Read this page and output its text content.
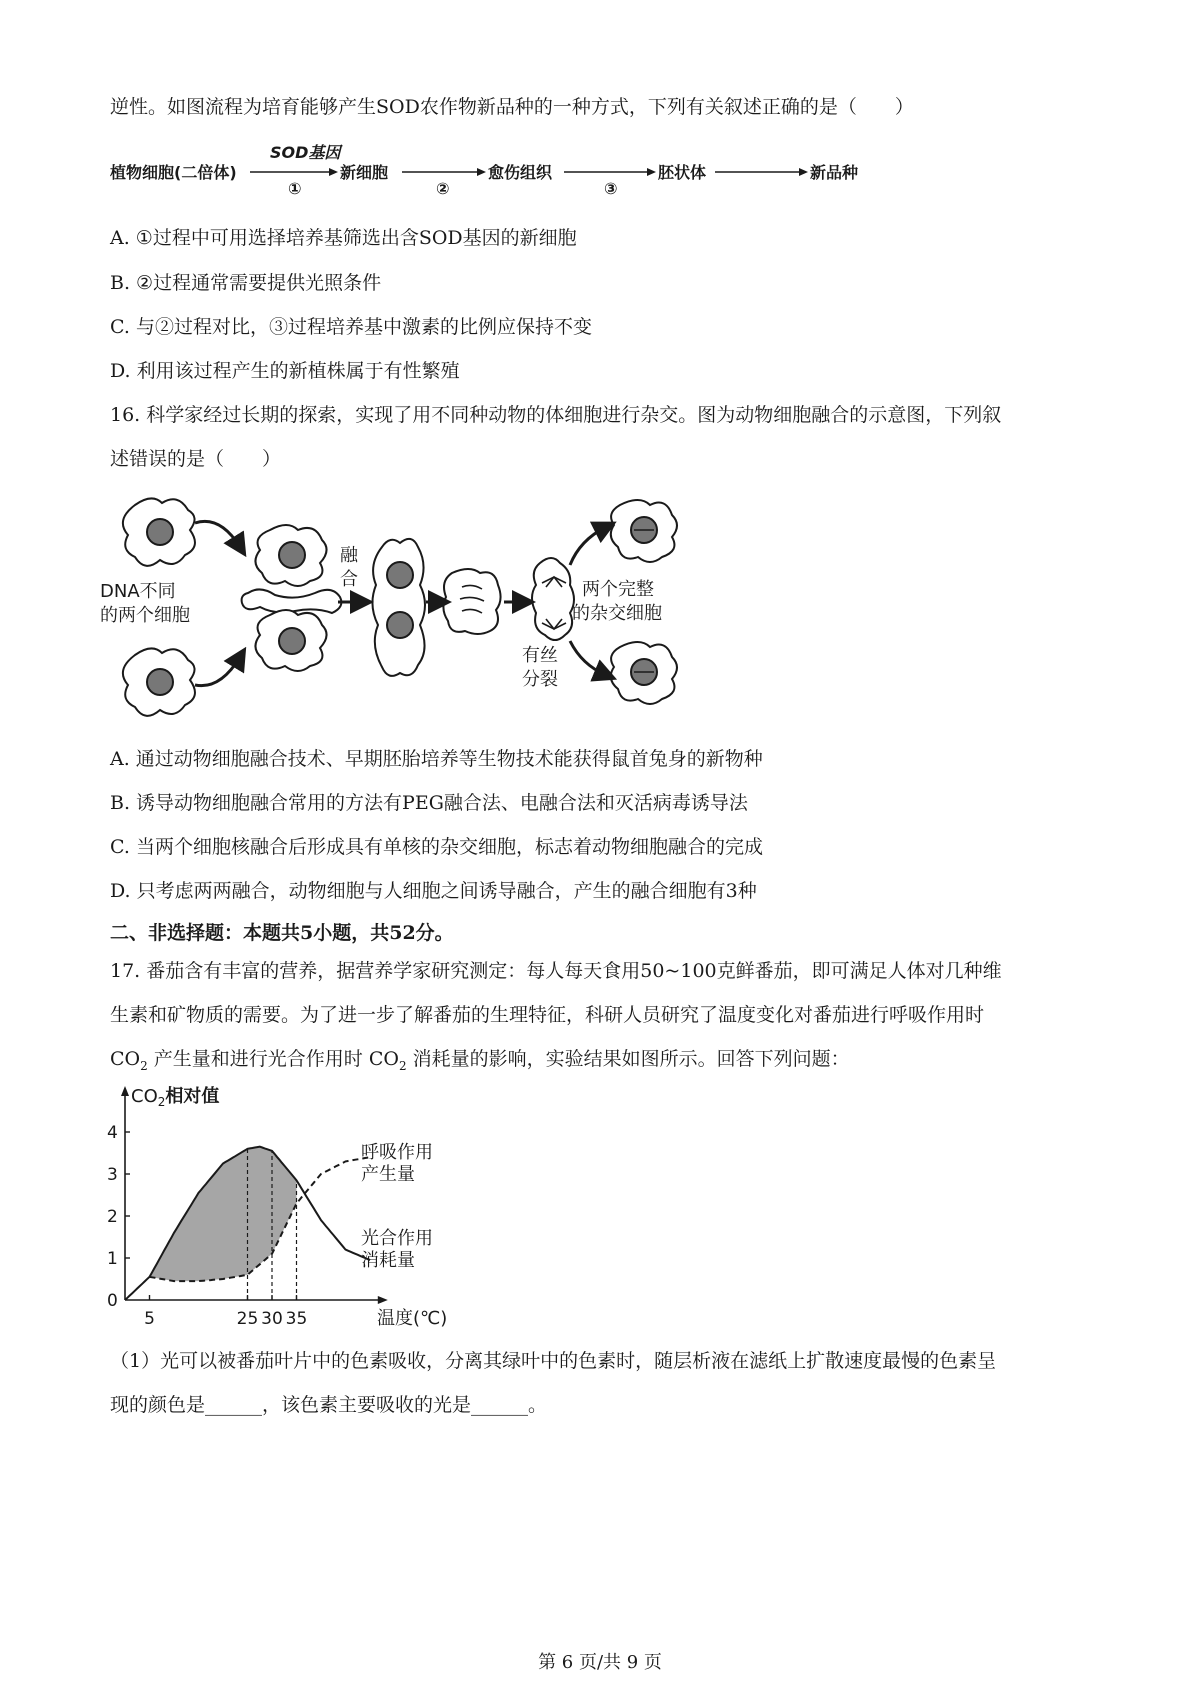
逆性。如图流程为培育能够产生SOD农作物新品种的一种方式，下列有关叙述正确的是（　　）
植物细胞(二倍体)
SOD基因
①
新细胞
②
愈伤组织
③
胚状体	新品种
A. ①过程中可用选择培养基筛选出含SOD基因的新细胞
B. ②过程通常需要提供光照条件
C. 与②过程对比，③过程培养基中激素的比例应保持不变
D. 利用该过程产生的新植株属于有性繁殖
16. 科学家经过长期的探索，实现了用不同种动物的体细胞进行杂交。图为动物细胞融合的示意图，下列叙
述错误的是（　　）
DNA不同
的两个细胞
融
合
有丝
分裂
两个完整
的杂交细胞
A. 通过动物细胞融合技术、早期胚胎培养等生物技术能获得鼠首兔身的新物种
B. 诱导动物细胞融合常用的方法有PEG融合法、电融合法和灭活病毒诱导法
C. 当两个细胞核融合后形成具有单核的杂交细胞，标志着动物细胞融合的完成
D. 只考虑两两融合，动物细胞与人细胞之间诱导融合，产生的融合细胞有3种
二、非选择题：本题共5小题，共52分。
17. 番茄含有丰富的营养，据营养学家研究测定：每人每天食用50~100克鲜番茄，即可满足人体对几种维
生素和矿物质的需要。为了进一步了解番茄的生理特征，科研人员研究了温度变化对番茄进行呼吸作用时
$CO_2$ 产生量和进行光合作用时 $CO_2$ 消耗量的影响，实验结果如图所示。回答下列问题：
0
1
2
3
4
5	25 30 35
$CO_2$相对值
温度(℃)
呼吸作用
产生量
光合作用
消耗量
（1）光可以被番茄叶片中的色素吸收，分离其绿叶中的色素时，随层析液在滤纸上扩散速度最慢的色素呈
现的颜色是______，该色素主要吸收的光是______。
第 6 页/共 9 页
